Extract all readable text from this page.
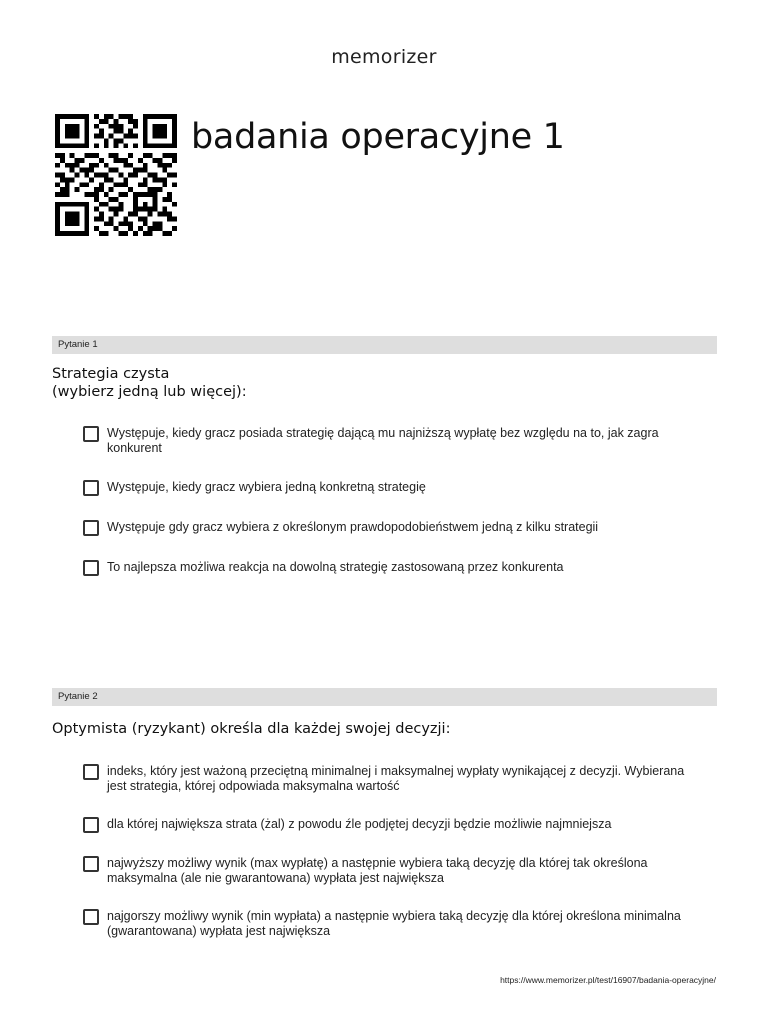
memorizer
badania operacyjne 1
Pytanie 1
Strategia czysta
(wybierz jedną lub więcej):
Występuje, kiedy gracz posiada strategię dającą mu najniższą wypłatę bez względu na to, jak zagra konkurent
Występuje, kiedy gracz wybiera jedną konkretną strategię
Występuje gdy gracz wybiera z określonym prawdopodobieństwem jedną z kilku strategii
To najlepsza możliwa reakcja na dowolną strategię zastosowaną przez konkurenta
Pytanie 2
Optymista (ryzykant) określa dla każdej swojej decyzji:
indeks, który jest ważoną przeciętną minimalnej i maksymalnej wypłaty wynikającej z decyzji. Wybierana jest strategia, której odpowiada maksymalna wartość
dla której największa strata (żal) z powodu źle podjętej decyzji będzie możliwie najmniejsza
najwyższy możliwy wynik (max wypłatę) a następnie wybiera taką decyzję dla której tak określona maksymalna (ale nie gwarantowana) wypłata jest największa
najgorszy możliwy wynik (min wypłata) a następnie wybiera taką decyzję dla której określona minimalna (gwarantowana) wypłata jest największa
https://www.memorizer.pl/test/16907/badania-operacyjne/
